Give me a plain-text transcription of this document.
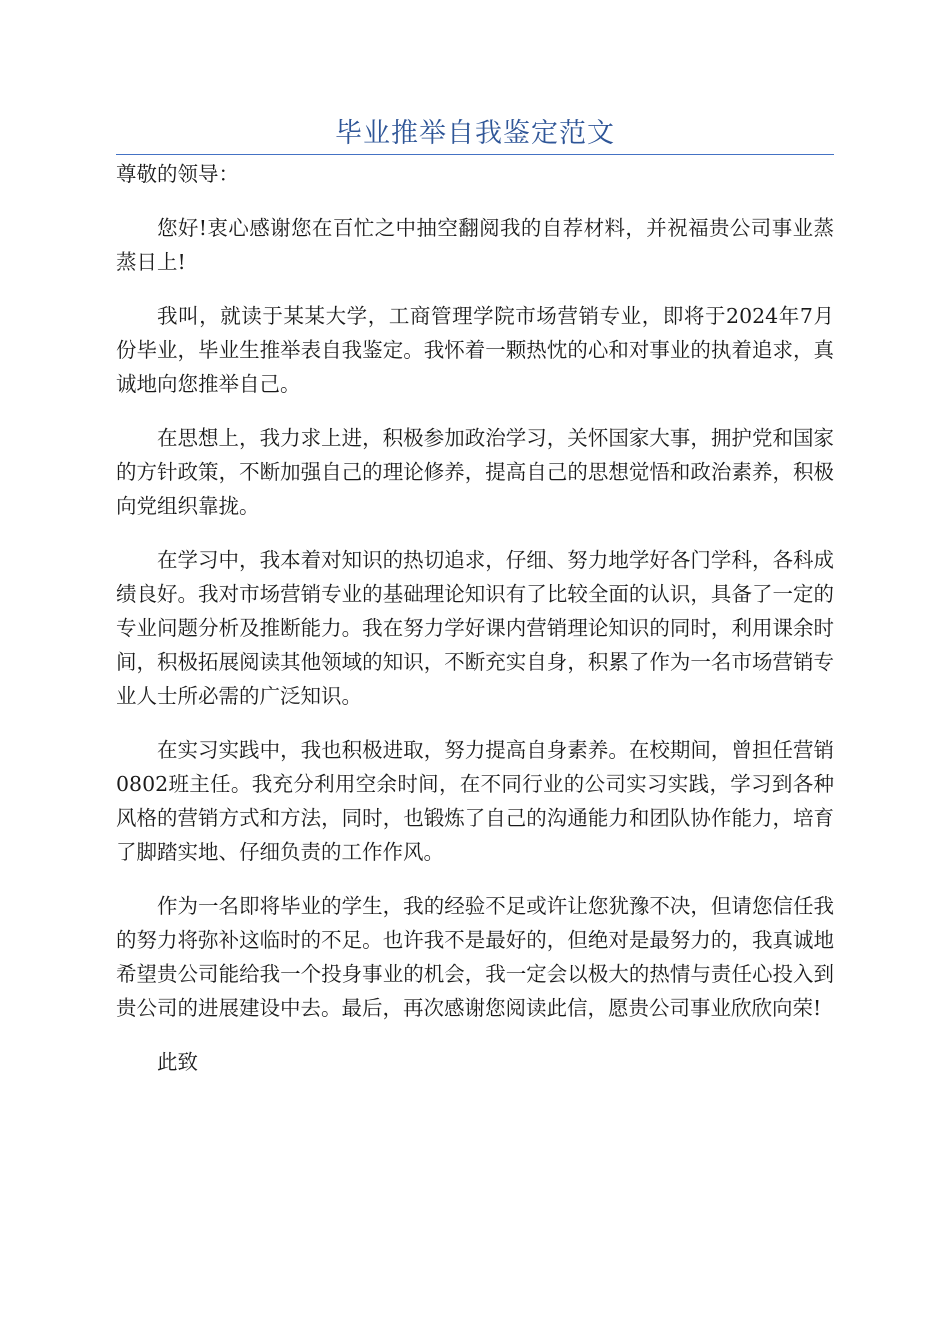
毕业推举自我鉴定范文

尊敬的领导：

您好!衷心感谢您在百忙之中抽空翻阅我的自荐材料，并祝福贵公司事业蒸蒸日上!

我叫，就读于某某大学，工商管理学院市场营销专业，即将于2024年7月份毕业，毕业生推举表自我鉴定。我怀着一颗热忱的心和对事业的执着追求，真诚地向您推举自己。

在思想上，我力求上进，积极参加政治学习，关怀国家大事，拥护党和国家的方针政策，不断加强自己的理论修养，提高自己的思想觉悟和政治素养，积极向党组织靠拢。

在学习中，我本着对知识的热切追求，仔细、努力地学好各门学科，各科成绩良好。我对市场营销专业的基础理论知识有了比较全面的认识，具备了一定的专业问题分析及推断能力。我在努力学好课内营销理论知识的同时，利用课余时间，积极拓展阅读其他领域的知识，不断充实自身，积累了作为一名市场营销专业人士所必需的广泛知识。

在实习实践中，我也积极进取，努力提高自身素养。在校期间，曾担任营销0802班主任。我充分利用空余时间，在不同行业的公司实习实践，学习到各种风格的营销方式和方法，同时，也锻炼了自己的沟通能力和团队协作能力，培育了脚踏实地、仔细负责的工作作风。

作为一名即将毕业的学生，我的经验不足或许让您犹豫不决，但请您信任我的努力将弥补这临时的不足。也许我不是最好的，但绝对是最努力的，我真诚地希望贵公司能给我一个投身事业的机会，我一定会以极大的热情与责任心投入到贵公司的进展建设中去。最后，再次感谢您阅读此信，愿贵公司事业欣欣向荣!

此致
